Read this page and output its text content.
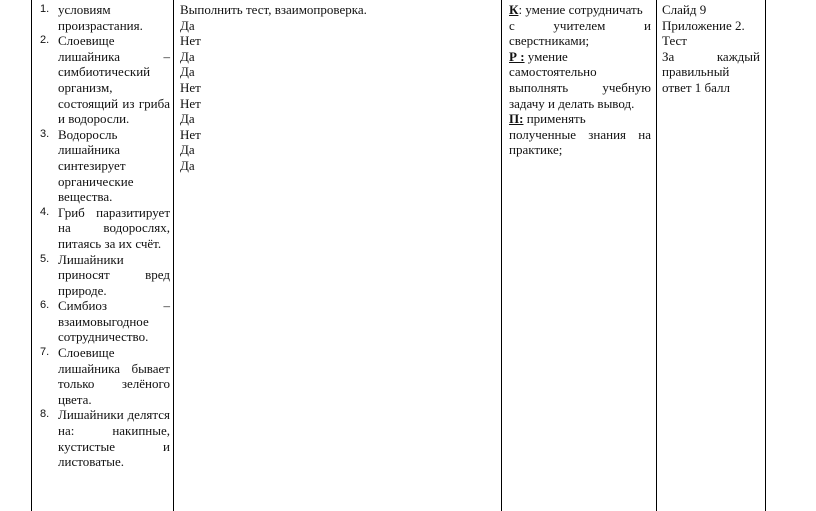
1. условиям произрастания.
2. Слоевище лишайника – симбиотический организм, состоящий из гриба и водоросли.
3. Водоросль лишайника синтезирует органические вещества.
4. Гриб паразитирует на водорослях, питаясь за их счёт.
5. Лишайники приносят вред природе.
6. Симбиоз – взаимовыгодное сотрудничество.
7. Слоевище лишайника бывает только зелёного цвета.
8. Лишайники делятся на: накипные, кустистые и листоватые.
Выполнить тест, взаимопроверка.
Да
Нет
Да
Да
Нет
Нет
Да
Нет
Да
Да
К: умение сотрудничать
с учителем и
сверстниками;
Р : умение самостоятельно
выполнять учебную
задачу и делать вывод.
П: применять
полученные знания на
практике;
Слайд 9
Приложение 2.
Тест
За каждый
правильный
ответ 1 балл
